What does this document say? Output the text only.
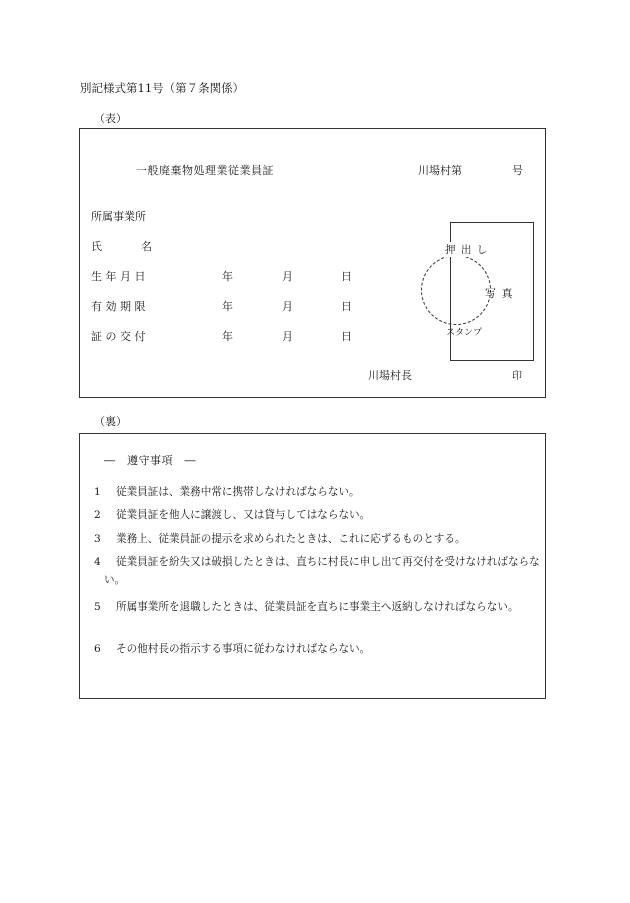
別記様式第11号（第７条関係）
（表）
一般廃棄物処理業従業員証	川場村第	号
所属事業所
氏	名
生 年 月 日	年	月	日
有 効 期 限	年	月	日
証 の 交 付	年	月	日
押 出 し
スタンプ
写 真
川場村長	印
（裏）
―　遵守事項　―
1 従業員証は、業務中常に携帯しなければならない。
2 従業員証を他人に譲渡し、又は貸与してはならない。
3 業務上、従業員証の提示を求められたときは、これに応ずるものとする。
4 従業員証を紛失又は破損したときは、直ちに村長に申し出て再交付を受けなければならない。
5 所属事業所を退職したときは、従業員証を直ちに事業主へ返納しなければならない。
6 その他村長の指示する事項に従わなければならない。
